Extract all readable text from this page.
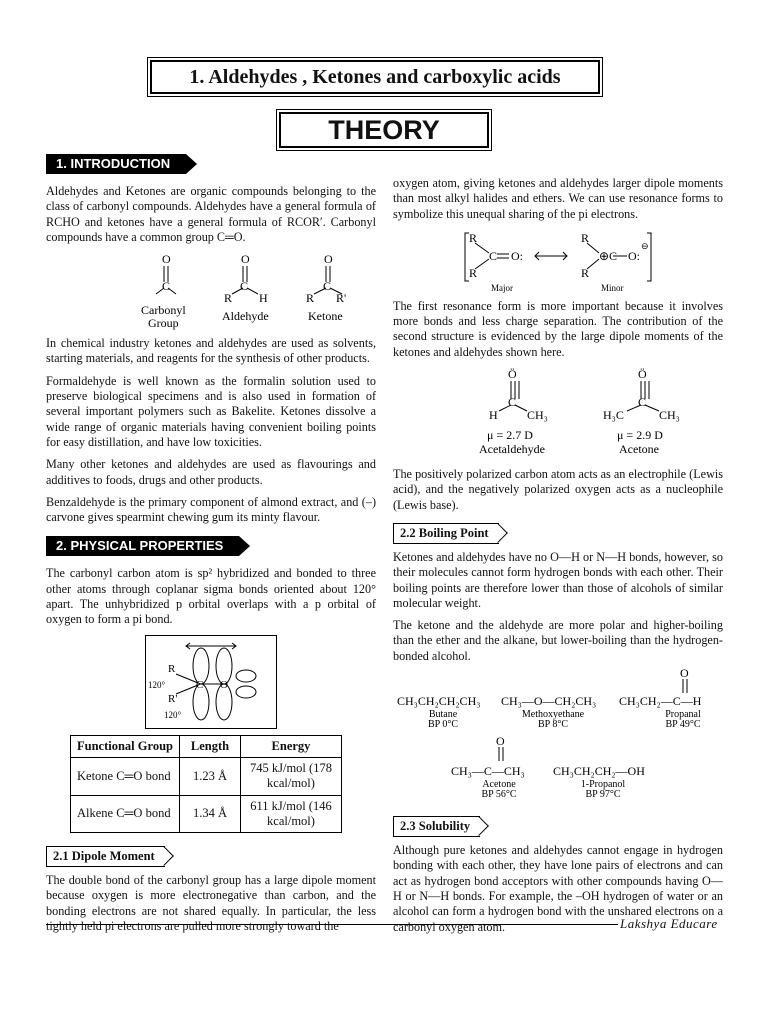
1. Aldehydes , Ketones and carboxylic acids
THEORY
1. INTRODUCTION

Aldehydes and Ketones are organic compounds belonging to the class of carbonyl compounds. Aldehydes have a general formula of RCHO and ketones have a general formula of RCOR′. Carbonyl compounds have a common group C═O.

O
C
O
C
R H
O
C
R R'
Carbonyl Group	Aldehyde	Ketone

In chemical industry ketones and aldehydes are used as solvents, starting materials, and reagents for the synthesis of other products.

Formaldehyde is well known as the formalin solution used to preserve biological specimens and is also used in formation of several important polymers such as Bakelite. Ketones dissolve a wide range of organic materials having convenient boiling points for easy distillation, and have low toxicities.

Many other ketones and aldehydes are used as flavourings and additives to foods, drugs and other products.

Benzaldehyde is the primary component of almond extract, and (–) carvone gives spearmint chewing gum its minty flavour.

2. PHYSICAL PROPERTIES

The carbonyl carbon atom is sp² hybridized and bonded to three other atoms through coplanar sigma bonds oriented about 120° apart. The unhybridized p orbital overlaps with a p orbital of oxygen to form a pi bond.

R
R'
C O
120°
120°
Functional Group	Length	Energy
Ketone C═O bond	1.23 Å	745 kJ/mol (178 kcal/mol)
Alkene C═O bond	1.34 Å	611 kJ/mol (146 kcal/mol)
2.1 Dipole Moment

The double bond of the carbonyl group has a large dipole moment because oxygen is more electronegative than carbon, and the bonding electrons are not shared equally. In particular, the less tightly held pi electrons are pulled more strongly toward the

oxygen atom, giving ketones and aldehydes larger dipole moments than most alkyl halides and ethers. We can use resonance forms to symbolize this unequal sharing of the pi electrons.

R
R
C O:
R
R
⊕C O:
⊖
Major	Minor

The first resonance form is more important because it involves more bonds and less charge separation. The contribution of the second structure is evidenced by the large dipole moments of the ketones and aldehydes shown here.

Ö
C
H CH₃
Ö
C
H₃C	CH₃
μ = 2.7 D
Acetaldehyde
μ = 2.9 D
Acetone

The positively polarized carbon atom acts as an electrophile (Lewis acid), and the negatively polarized oxygen acts as a nucleophile (Lewis base).

2.2 Boiling Point

Ketones and aldehydes have no O—H or N—H bonds, however, so their molecules cannot form hydrogen bonds with each other. Their boiling points are therefore lower than those of alcohols of similar molecular weight.

The ketone and the aldehyde are more polar and higher-boiling than the ether and the alkane, but lower-boiling than the hydrogen-bonded alcohol.

CH₃CH₂CH₂CH₃ CH₃—O—CH₂CH₃ CH₃CH₂—C—H
O
CH₃—C—CH₃
O
CH₃CH₂CH₂—OH
Butane
BP 0°C
Methoxyethane
BP 8°C
Propanal
BP 49°C
Acetone
BP 56°C
1-Propanol
BP 97°C
2.3 Solubility

Although pure ketones and aldehydes cannot engage in hydrogen bonding with each other, they have lone pairs of electrons and can act as hydrogen bond acceptors with other compounds having O—H or N—H bonds. For example, the –OH hydrogen of water or an alcohol can form a hydrogen bond with the unshared electrons on a carbonyl oxygen atom.	Lakshya Educare
